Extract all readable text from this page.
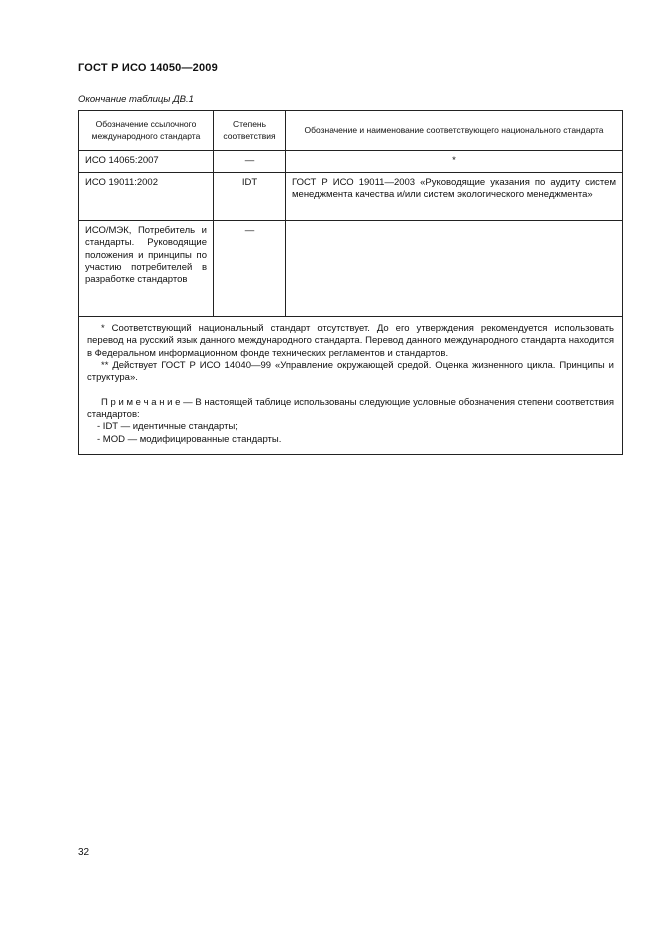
ГОСТ Р ИСО 14050—2009
Окончание таблицы ДВ.1
Обозначение ссылочного международного стандарта	Степень соответствия	Обозначение и наименование соответствующего национального стандарта
ИСО 14065:2007	—	*
ИСО 19011:2002	IDT	ГОСТ Р ИСО 19011—2003 «Руководящие указания по аудиту систем менеджмента качества и/или систем экологического менеджмента»
ИСО/МЭК, Потребитель и стандарты. Руководящие положения и принципы по участию потребителей в разработке стандартов	—	

* Соответствующий национальный стандарт отсутствует. До его утверждения рекомендуется использовать перевод на русский язык данного международного стандарта. Перевод данного международного стандарта находится в Федеральном информационном фонде технических регламентов и стандартов.

** Действует ГОСТ Р ИСО 14040—99 «Управление окружающей средой. Оценка жизненного цикла. Принципы и структура».

П р и м е ч а н и е — В настоящей таблице использованы следующие условные обозначения степени соответствия стандартов:

- IDT — идентичные стандарты;
- MOD — модифицированные стандарты.		
32
